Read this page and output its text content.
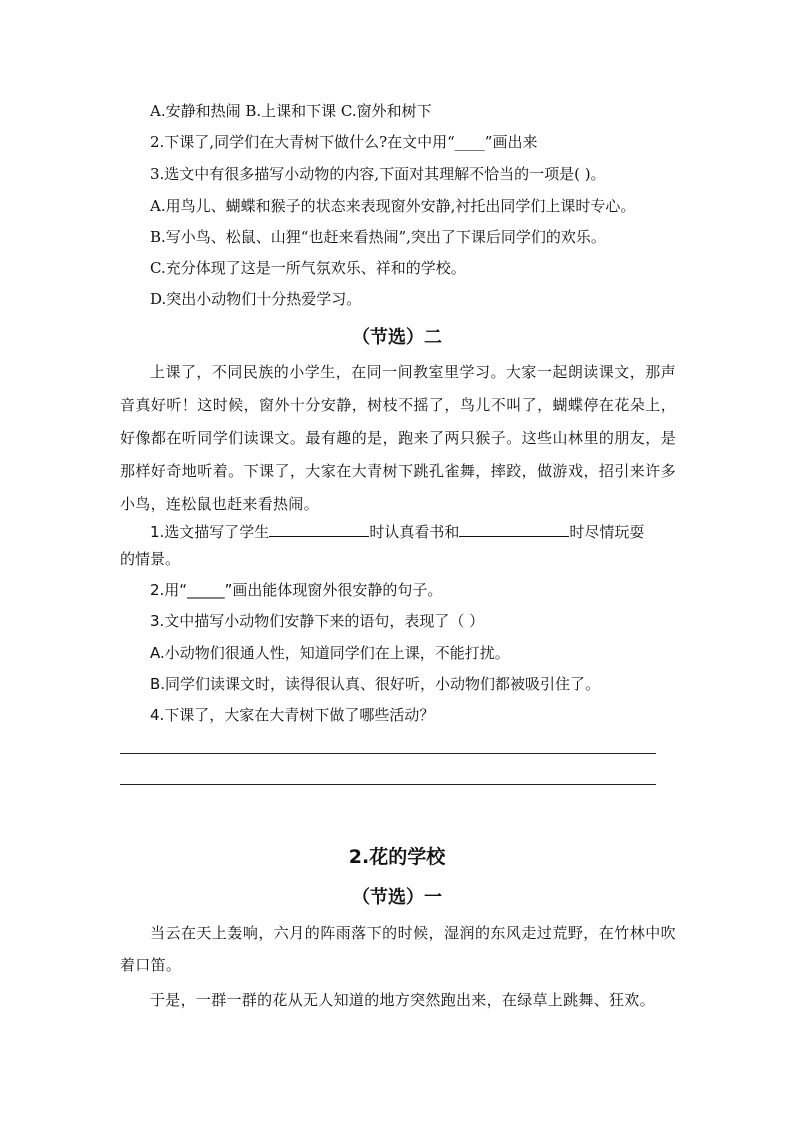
A.安静和热闹 B.上课和下课 C.窗外和树下
2.下课了,同学们在大青树下做什么?在文中用“____”画出来
3.选文中有很多描写小动物的内容,下面对其理解不恰当的一项是( )。
A.用鸟儿、蝴蝶和猴子的状态来表现窗外安静,衬托出同学们上课时专心。
B.写小鸟、松鼠、山狸“也赶来看热闹”,突出了下课后同学们的欢乐。
C.充分体现了这是一所气氛欢乐、祥和的学校。
D.突出小动物们十分热爱学习。
（节选）二
上课了，不同民族的小学生，在同一间教室里学习。大家一起朗读课文，那声音真好听！这时候，窗外十分安静，树枝不摇了，鸟儿不叫了，蝴蝶停在花朵上，好像都在听同学们读课文。最有趣的是，跑来了两只猴子。这些山林里的朋友，是那样好奇地听着。下课了，大家在大青树下跳孔雀舞，摔跤，做游戏，招引来许多小鸟，连松鼠也赶来看热闹。
1.选文描写了学生	时认真看书和	时尽情玩耍
的情景。
2.用“_____”画出能体现窗外很安静的句子。
3.文中描写小动物们安静下来的语句，表现了（ ）
A.小动物们很通人性，知道同学们在上课，不能打扰。
B.同学们读课文时，读得很认真、很好听，小动物们都被吸引住了。
4.下课了，大家在大青树下做了哪些活动？
2.花的学校
（节选）一
当云在天上轰响，六月的阵雨落下的时候，湿润的东风走过荒野，在竹林中吹着口笛。
于是，一群一群的花从无人知道的地方突然跑出来，在绿草上跳舞、狂欢。
